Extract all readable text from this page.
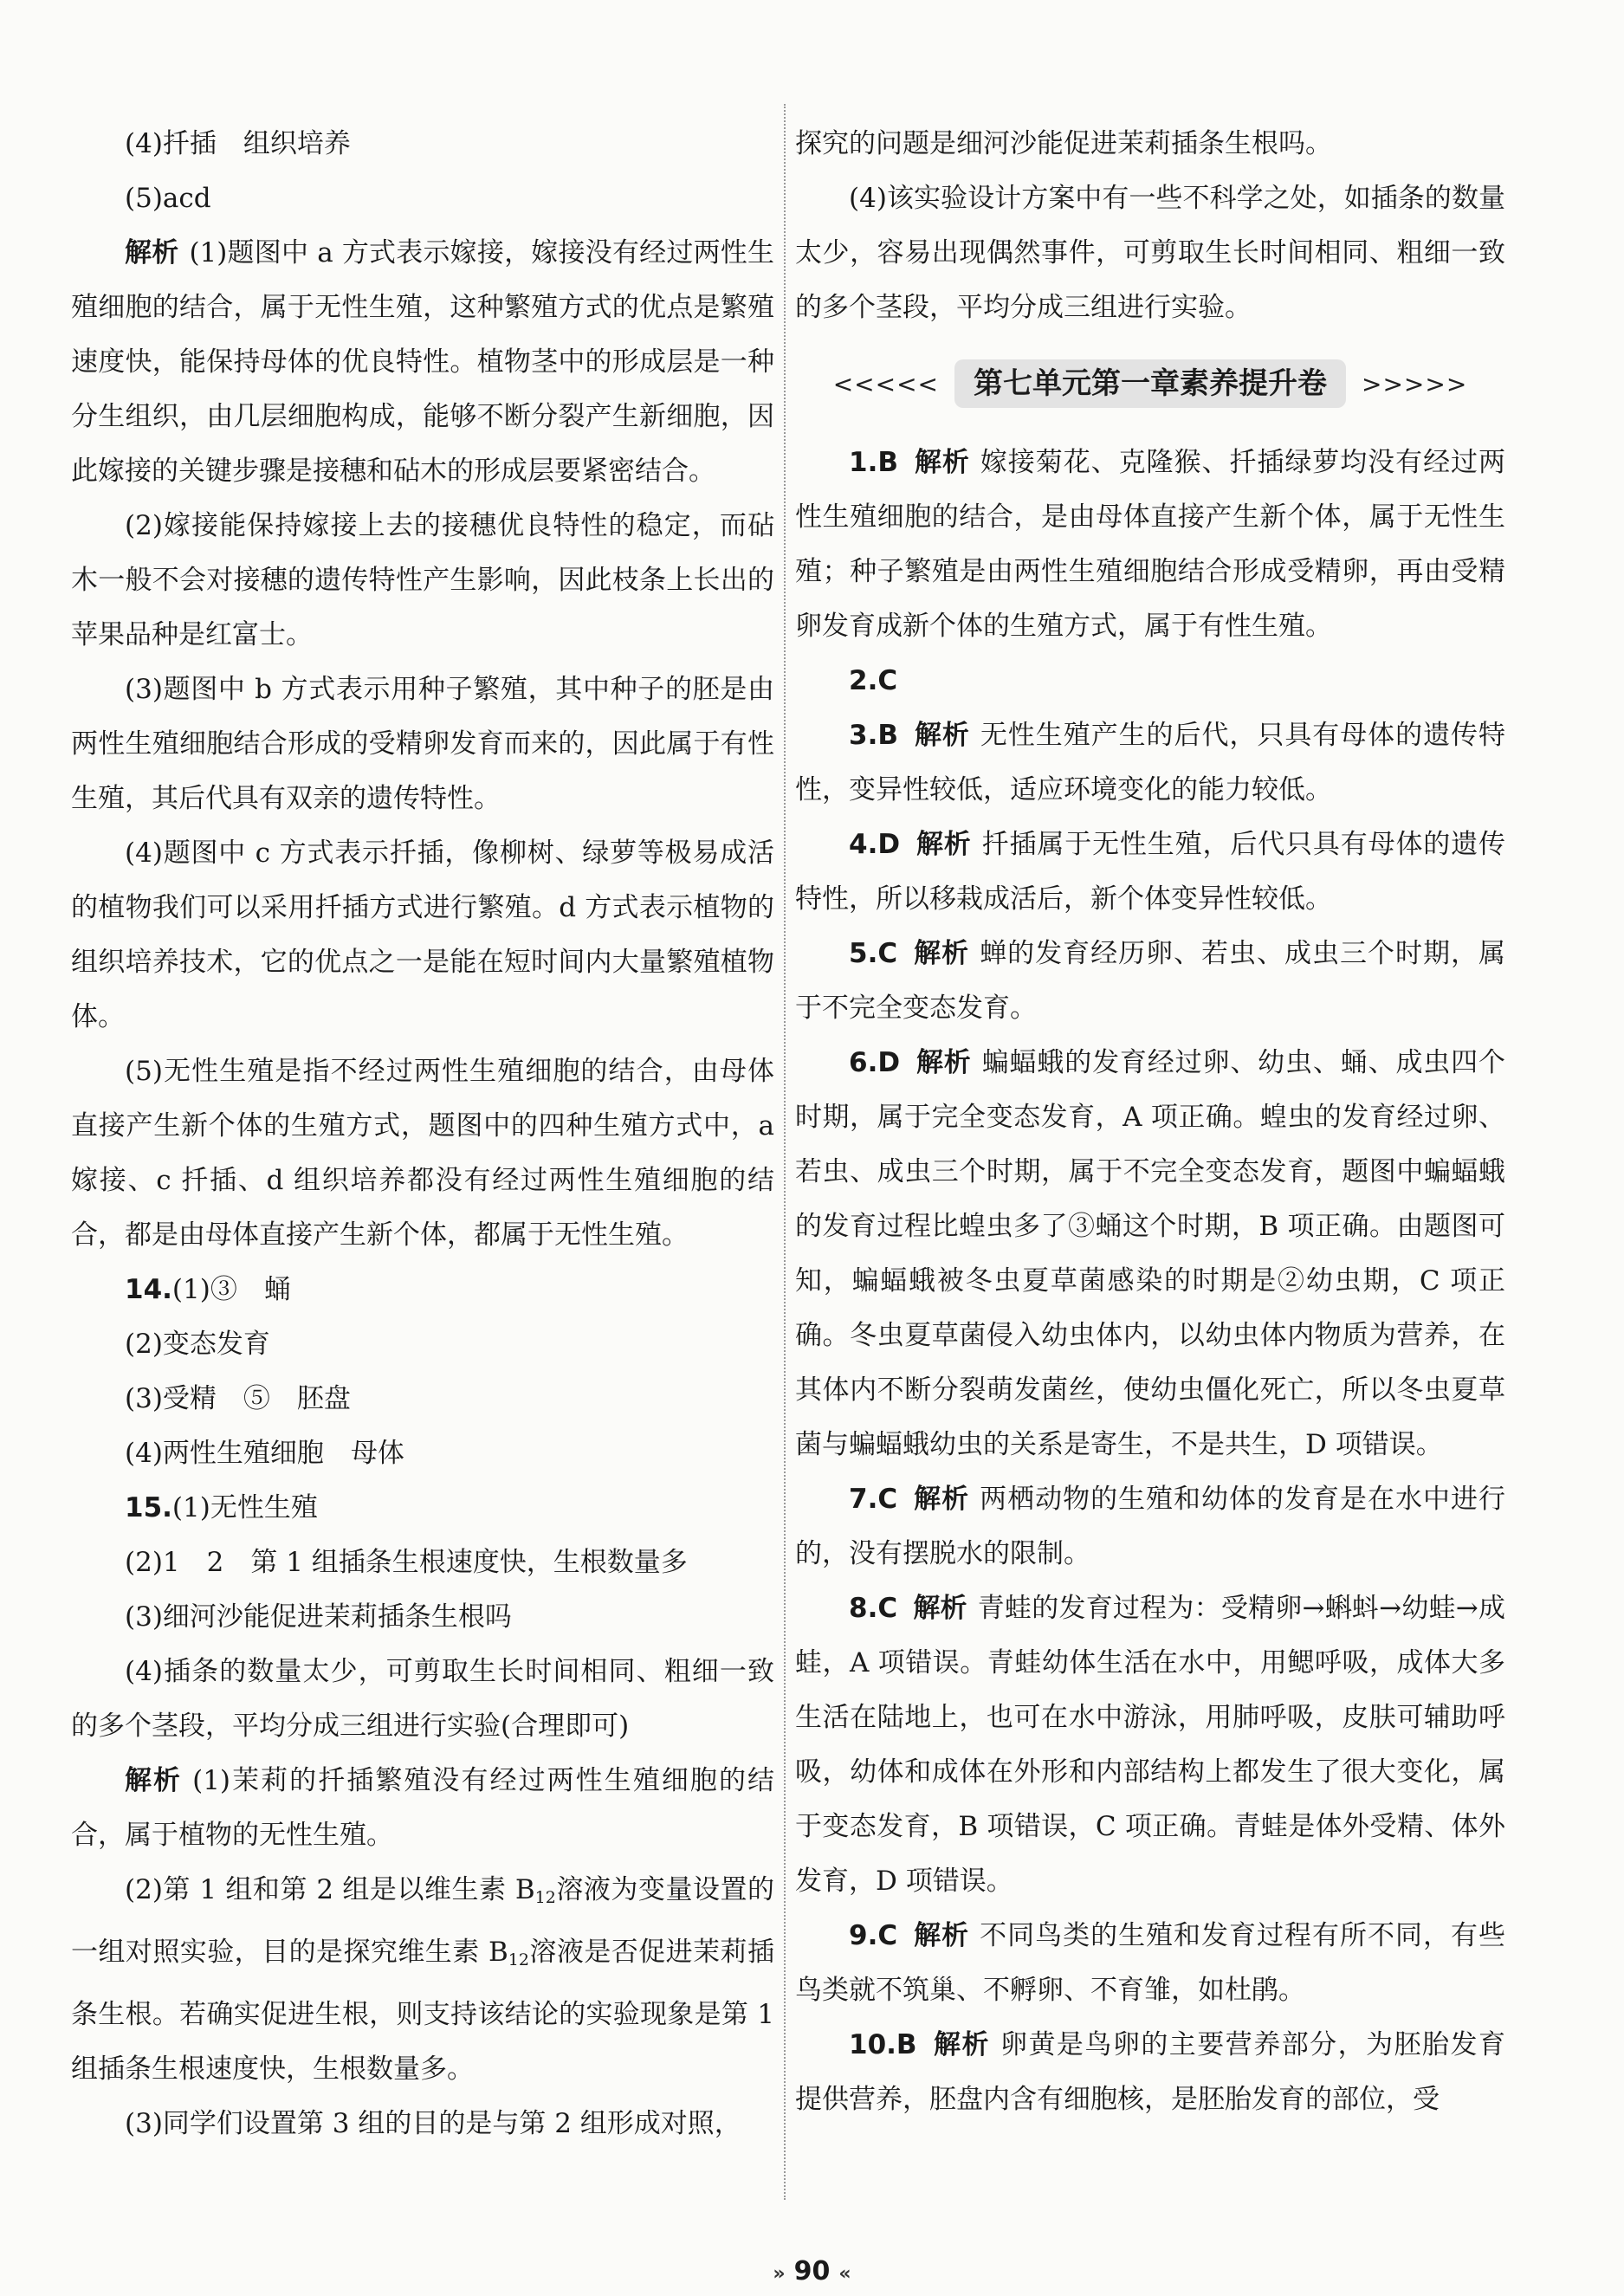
(4)扦插　组织培养

(5)acd

解析 (1)题图中 a 方式表示嫁接，嫁接没有经过两性生殖细胞的结合，属于无性生殖，这种繁殖方式的优点是繁殖速度快，能保持母体的优良特性。植物茎中的形成层是一种分生组织，由几层细胞构成，能够不断分裂产生新细胞，因此嫁接的关键步骤是接穗和砧木的形成层要紧密结合。

(2)嫁接能保持嫁接上去的接穗优良特性的稳定，而砧木一般不会对接穗的遗传特性产生影响，因此枝条上长出的苹果品种是红富士。

(3)题图中 b 方式表示用种子繁殖，其中种子的胚是由两性生殖细胞结合形成的受精卵发育而来的，因此属于有性生殖，其后代具有双亲的遗传特性。

(4)题图中 c 方式表示扦插，像柳树、绿萝等极易成活的植物我们可以采用扦插方式进行繁殖。d 方式表示植物的组织培养技术，它的优点之一是能在短时间内大量繁殖植物体。

(5)无性生殖是指不经过两性生殖细胞的结合，由母体直接产生新个体的生殖方式，题图中的四种生殖方式中，a 嫁接、c 扦插、d 组织培养都没有经过两性生殖细胞的结合，都是由母体直接产生新个体，都属于无性生殖。

14.(1)③　蛹

(2)变态发育

(3)受精　⑤　胚盘

(4)两性生殖细胞　母体

15.(1)无性生殖

(2)1　2　第 1 组插条生根速度快，生根数量多

(3)细河沙能促进茉莉插条生根吗

(4)插条的数量太少，可剪取生长时间相同、粗细一致的多个茎段，平均分成三组进行实验(合理即可)

解析 (1)茉莉的扦插繁殖没有经过两性生殖细胞的结合，属于植物的无性生殖。

(2)第 1 组和第 2 组是以维生素 $B_{12}$溶液为变量设置的一组对照实验，目的是探究维生素 $B_{12}$溶液是否促进茉莉插条生根。若确实促进生根，则支持该结论的实验现象是第 1 组插条生根速度快，生根数量多。

(3)同学们设置第 3 组的目的是与第 2 组形成对照，

探究的问题是细河沙能促进茉莉插条生根吗。

(4)该实验设计方案中有一些不科学之处，如插条的数量太少，容易出现偶然事件，可剪取生长时间相同、粗细一致的多个茎段，平均分成三组进行实验。

<<<<<	第七单元第一章素养提升卷	>>>>>

1.B 解析 嫁接菊花、克隆猴、扦插绿萝均没有经过两性生殖细胞的结合，是由母体直接产生新个体，属于无性生殖；种子繁殖是由两性生殖细胞结合形成受精卵，再由受精卵发育成新个体的生殖方式，属于有性生殖。

2.C

3.B 解析 无性生殖产生的后代，只具有母体的遗传特性，变异性较低，适应环境变化的能力较低。

4.D 解析 扦插属于无性生殖，后代只具有母体的遗传特性，所以移栽成活后，新个体变异性较低。

5.C 解析 蝉的发育经历卵、若虫、成虫三个时期，属于不完全变态发育。

6.D 解析 蝙蝠蛾的发育经过卵、幼虫、蛹、成虫四个时期，属于完全变态发育，A 项正确。蝗虫的发育经过卵、若虫、成虫三个时期，属于不完全变态发育，题图中蝙蝠蛾的发育过程比蝗虫多了③蛹这个时期，B 项正确。由题图可知，蝙蝠蛾被冬虫夏草菌感染的时期是②幼虫期，C 项正确。冬虫夏草菌侵入幼虫体内，以幼虫体内物质为营养，在其体内不断分裂萌发菌丝，使幼虫僵化死亡，所以冬虫夏草菌与蝙蝠蛾幼虫的关系是寄生，不是共生，D 项错误。

7.C 解析 两栖动物的生殖和幼体的发育是在水中进行的，没有摆脱水的限制。

8.C 解析 青蛙的发育过程为：受精卵→蝌蚪→幼蛙→成蛙，A 项错误。青蛙幼体生活在水中，用鳃呼吸，成体大多生活在陆地上，也可在水中游泳，用肺呼吸，皮肤可辅助呼吸，幼体和成体在外形和内部结构上都发生了很大变化，属于变态发育，B 项错误，C 项正确。青蛙是体外受精、体外发育，D 项错误。

9.C 解析 不同鸟类的生殖和发育过程有所不同，有些鸟类就不筑巢、不孵卵、不育雏，如杜鹃。

10.B 解析 卵黄是鸟卵的主要营养部分，为胚胎发育提供营养，胚盘内含有细胞核，是胚胎发育的部位，受

» 90 «
